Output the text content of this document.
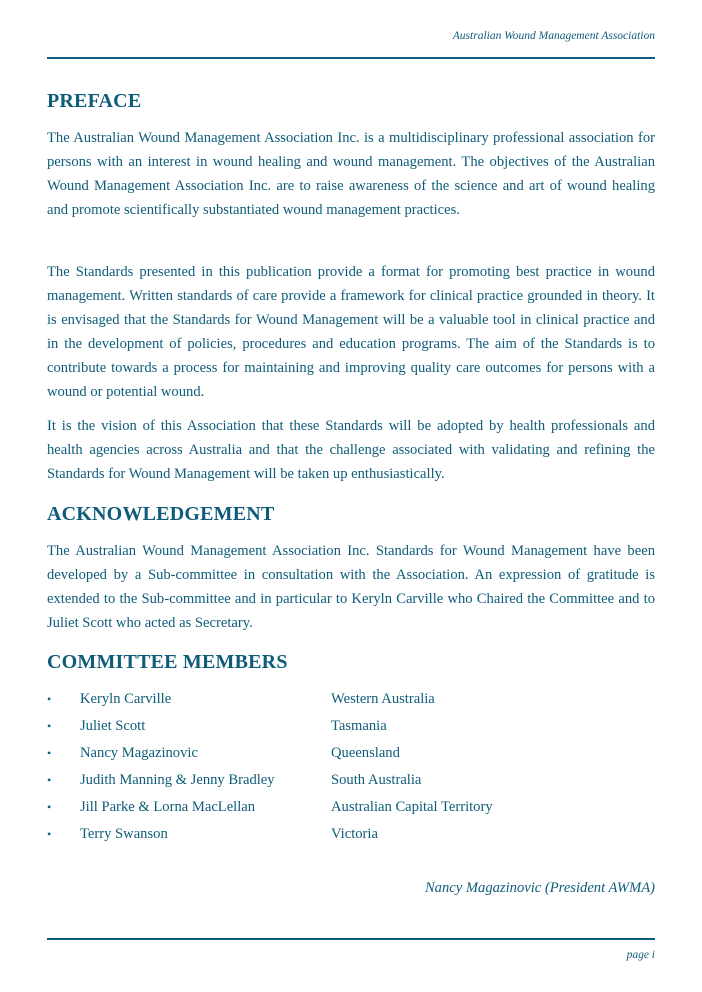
Australian Wound Management Association
PREFACE

The Australian Wound Management Association Inc. is a multidisciplinary professional association for persons with an interest in wound healing and wound management. The objectives of the Australian Wound Management Association Inc. are to raise awareness of the science and art of wound healing and promote scientifically substantiated wound management practices.

The Standards presented in this publication provide a format for promoting best practice in wound management. Written standards of care provide a framework for clinical practice grounded in theory. It is envisaged that the Standards for Wound Management will be a valuable tool in clinical practice and in the development of policies, procedures and education programs. The aim of the Standards is to contribute towards a process for maintaining and improving quality care outcomes for persons with a wound or potential wound.

It is the vision of this Association that these Standards will be adopted by health professionals and health agencies across Australia and that the challenge associated with validating and refining the Standards for Wound Management will be taken up enthusiastically.

ACKNOWLEDGEMENT

The Australian Wound Management Association Inc. Standards for Wound Management have been developed by a Sub-committee in consultation with the Association. An expression of gratitude is extended to the Sub-committee and in particular to Keryln Carville who Chaired the Committee and to Juliet Scott who acted as Secretary.

COMMITTEE MEMBERS
• Keryln Carville	Western Australia
• Juliet Scott	Tasmania
• Nancy Magazinovic	Queensland
• Judith Manning & Jenny Bradley	South Australia
• Jill Parke & Lorna MacLellan	Australian Capital Territory
• Terry Swanson	Victoria
Nancy Magazinovic (President AWMA)
page i
